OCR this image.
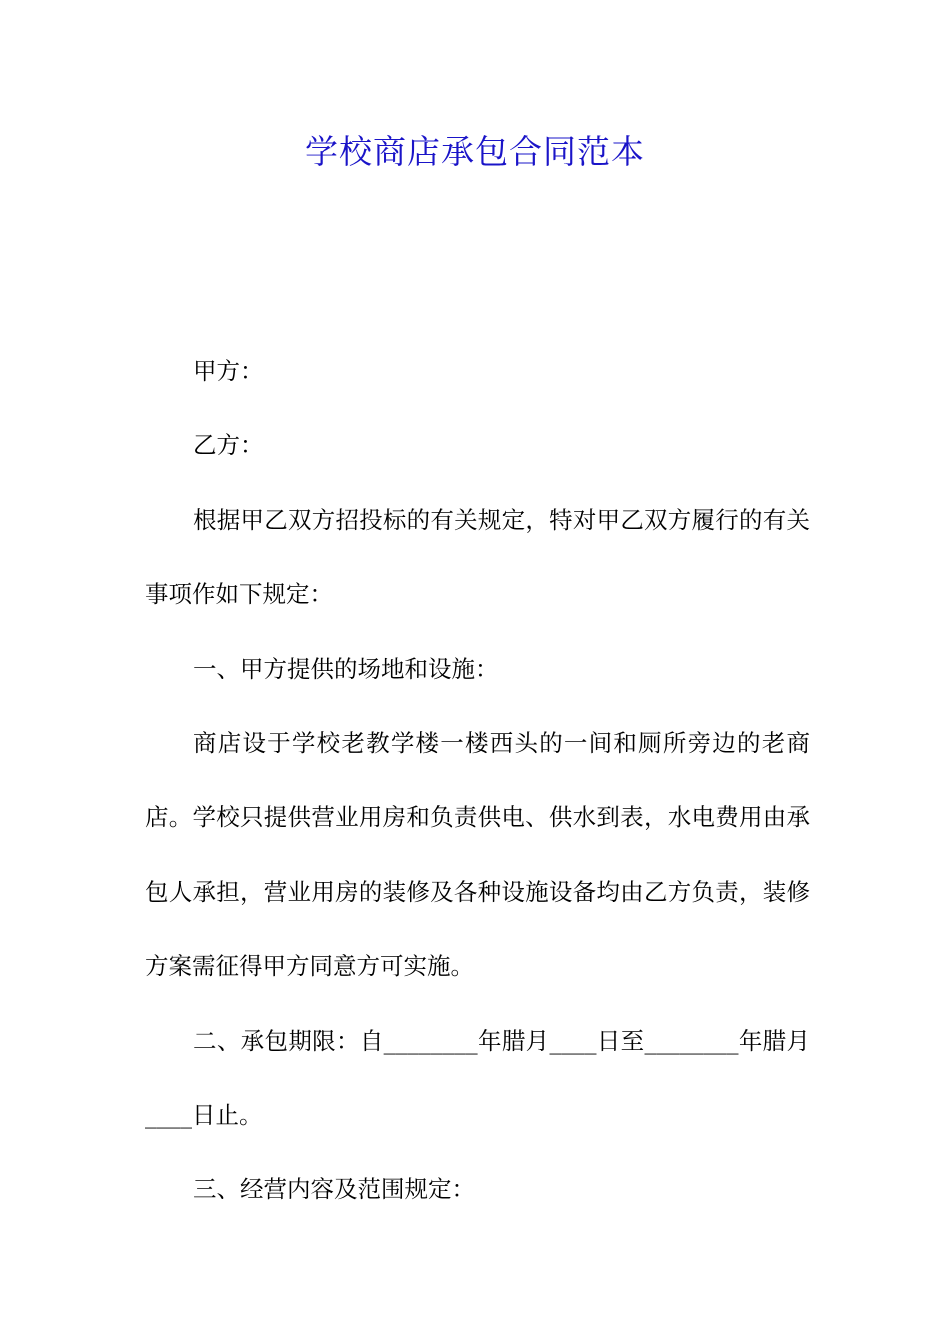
学校商店承包合同范本

甲方：

乙方：

根据甲乙双方招投标的有关规定，特对甲乙双方履行的有关事项作如下规定：

一、甲方提供的场地和设施：

商店设于学校老教学楼一楼西头的一间和厕所旁边的老商店。学校只提供营业用房和负责供电、供水到表，水电费用由承包人承担，营业用房的装修及各种设施设备均由乙方负责，装修方案需征得甲方同意方可实施。

二、承包期限：自________年腊月____日至________年腊月____日止。

三、经营内容及范围规定：
